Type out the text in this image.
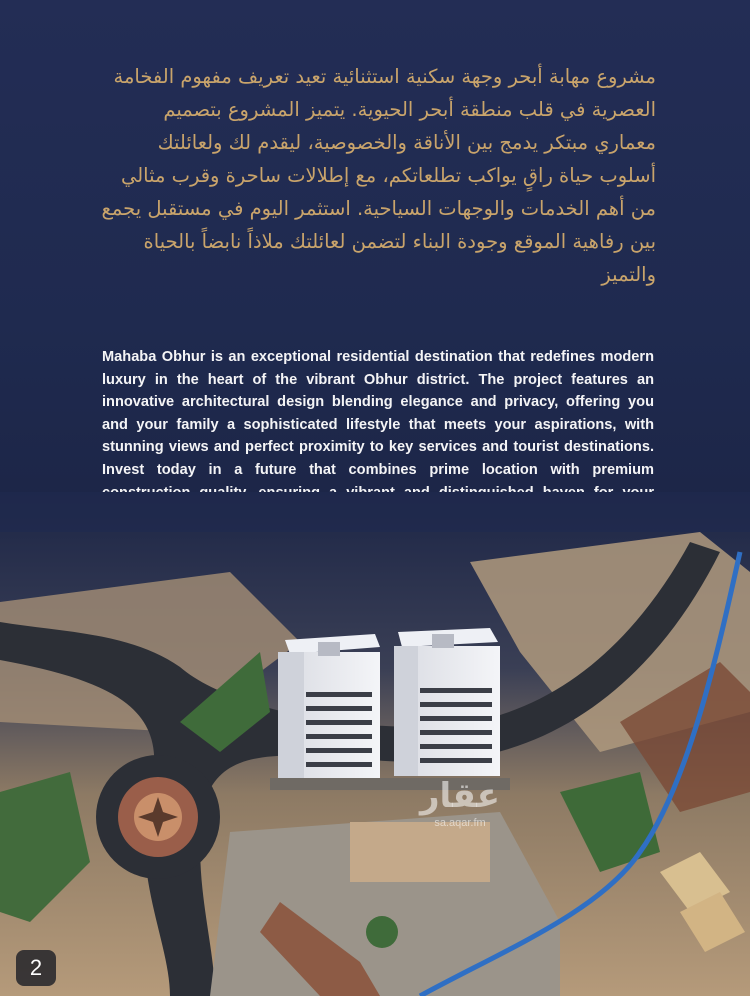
مشروع مهابة أبحر وجهة سكنية استثنائية تعيد تعريف مفهوم الفخامة العصرية في قلب منطقة أبحر الحيوية. يتميز المشروع بتصميم معماري مبتكر يدمج بين الأناقة والخصوصية، ليقدم لك ولعائلتك أسلوب حياة راقٍ يواكب تطلعاتكم، مع إطلالات ساحرة وقرب مثالي من أهم الخدمات والوجهات السياحية. استثمر اليوم في مستقبل يجمع بين رفاهية الموقع وجودة البناء لتضمن لعائلتك ملاذاً نابضاً بالحياة والتميز

Mahaba Obhur is an exceptional residential destination that redefines modern luxury in the heart of the vibrant Obhur district. The project features an innovative architectural design blending elegance and privacy, offering you and your family a sophisticated lifestyle that meets your aspirations, with stunning views and perfect proximity to key services and tourist destinations. Invest today in a future that combines prime location with premium

عقار
sa.aqar.fm
2
